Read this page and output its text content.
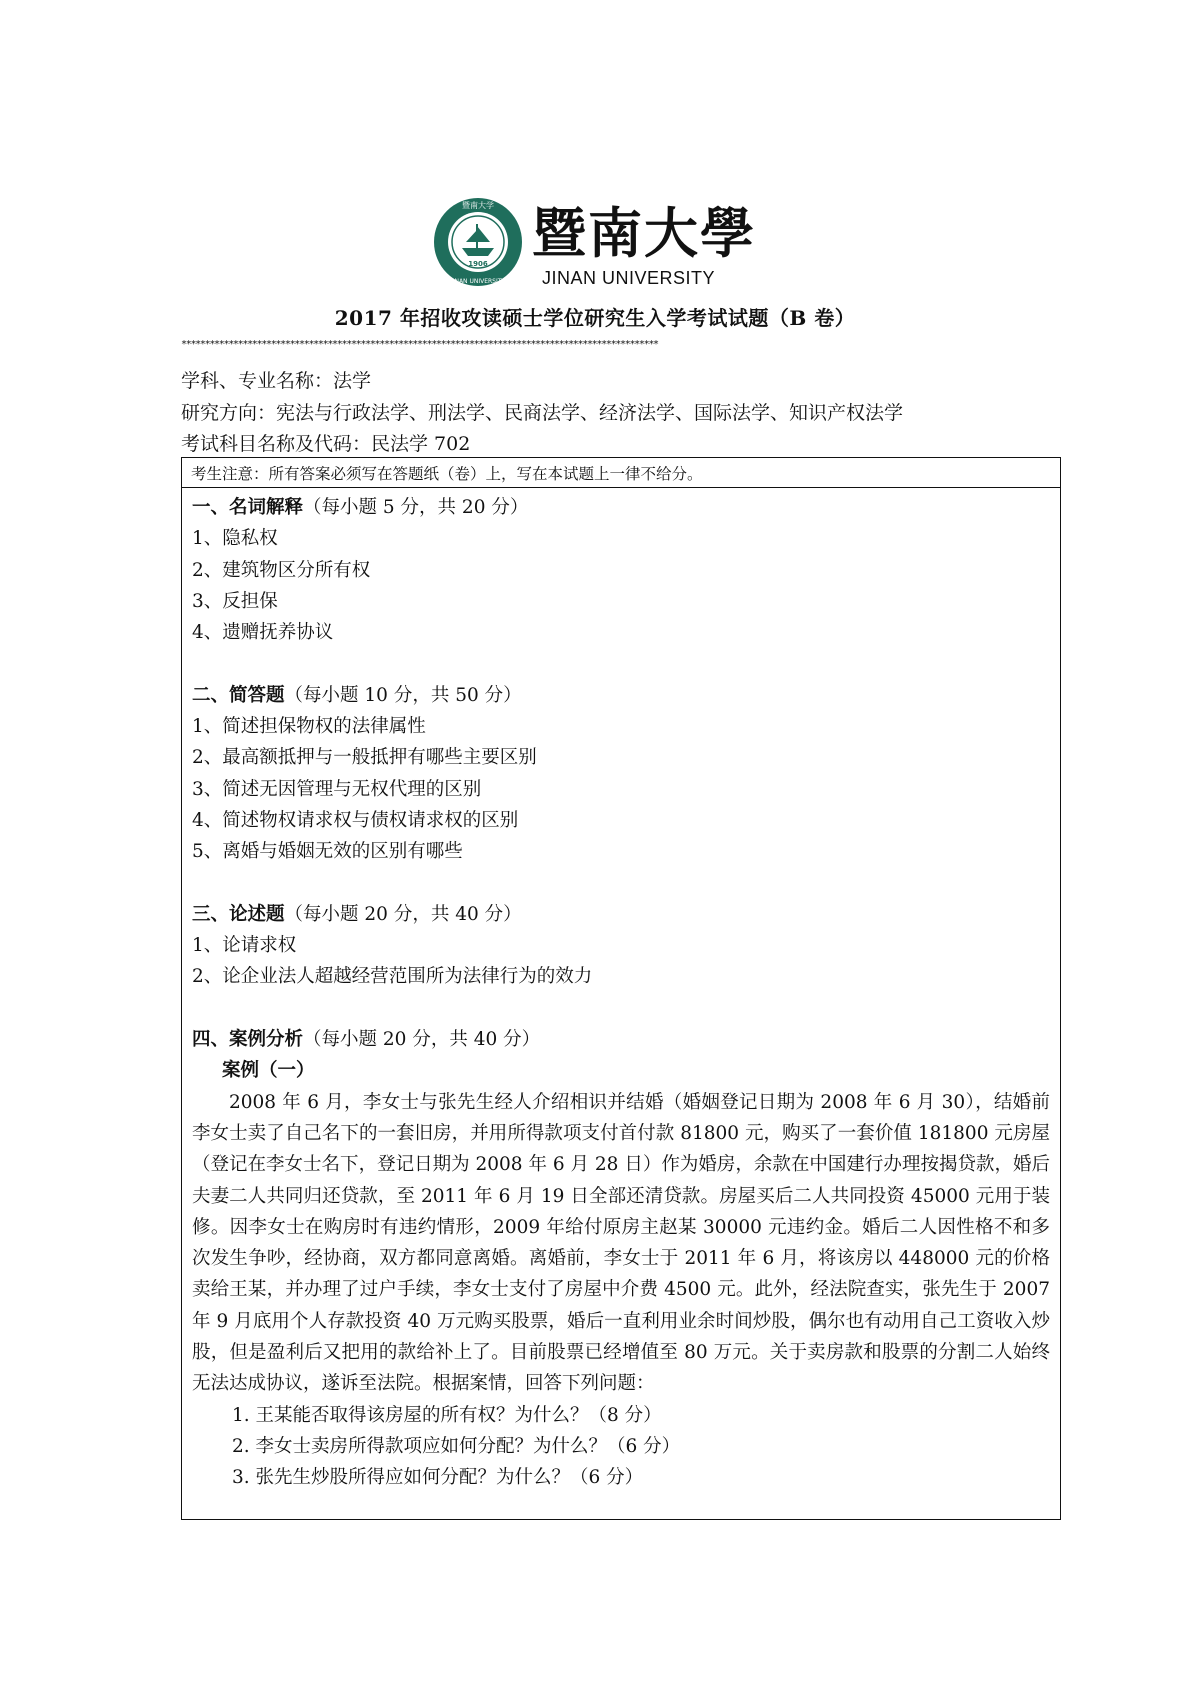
1906
暨南大学
JINAN UNIVERSITY
暨南大學
JINAN UNIVERSITY
2017 年招收攻读硕士学位研究生入学考试试题（B 卷）
*****************************************************************************************************
学科、专业名称：法学
研究方向：宪法与行政法学、刑法学、民商法学、经济法学、国际法学、知识产权法学
考试科目名称及代码：民法学 702
考生注意：所有答案必须写在答题纸（卷）上，写在本试题上一律不给分。
一、名词解释（每小题 5 分，共 20 分）
1、隐私权
2、建筑物区分所有权
3、反担保
4、遗赠抚养协议
二、简答题（每小题 10 分，共 50 分）
1、简述担保物权的法律属性
2、最高额抵押与一般抵押有哪些主要区别
3、简述无因管理与无权代理的区别
4、简述物权请求权与债权请求权的区别
5、离婚与婚姻无效的区别有哪些
三、论述题（每小题 20 分，共 40 分）
1、论请求权
2、论企业法人超越经营范围所为法律行为的效力
四、案例分析（每小题 20 分，共 40 分）
案例（一）

2008 年 6 月，李女士与张先生经人介绍相识并结婚（婚姻登记日期为 2008 年 6 月 30），结婚前李女士卖了自己名下的一套旧房，并用所得款项支付首付款 81800 元，购买了一套价值 181800 元房屋（登记在李女士名下，登记日期为 2008 年 6 月 28 日）作为婚房，余款在中国建行办理按揭贷款，婚后夫妻二人共同归还贷款，至 2011 年 6 月 19 日全部还清贷款。房屋买后二人共同投资 45000 元用于装修。因李女士在购房时有违约情形，2009 年给付原房主赵某 30000 元违约金。婚后二人因性格不和多次发生争吵，经协商，双方都同意离婚。离婚前，李女士于 2011 年 6 月，将该房以 448000 元的价格卖给王某，并办理了过户手续，李女士支付了房屋中介费 4500 元。此外，经法院查实，张先生于 2007 年 9 月底用个人存款投资 40 万元购买股票，婚后一直利用业余时间炒股，偶尔也有动用自己工资收入炒股，但是盈利后又把用的款给补上了。目前股票已经增值至 80 万元。关于卖房款和股票的分割二人始终无法达成协议，遂诉至法院。根据案情，回答下列问题：

1. 王某能否取得该房屋的所有权？为什么？（8 分）
2. 李女士卖房所得款项应如何分配？为什么？（6 分）
3. 张先生炒股所得应如何分配？为什么？（6 分）
